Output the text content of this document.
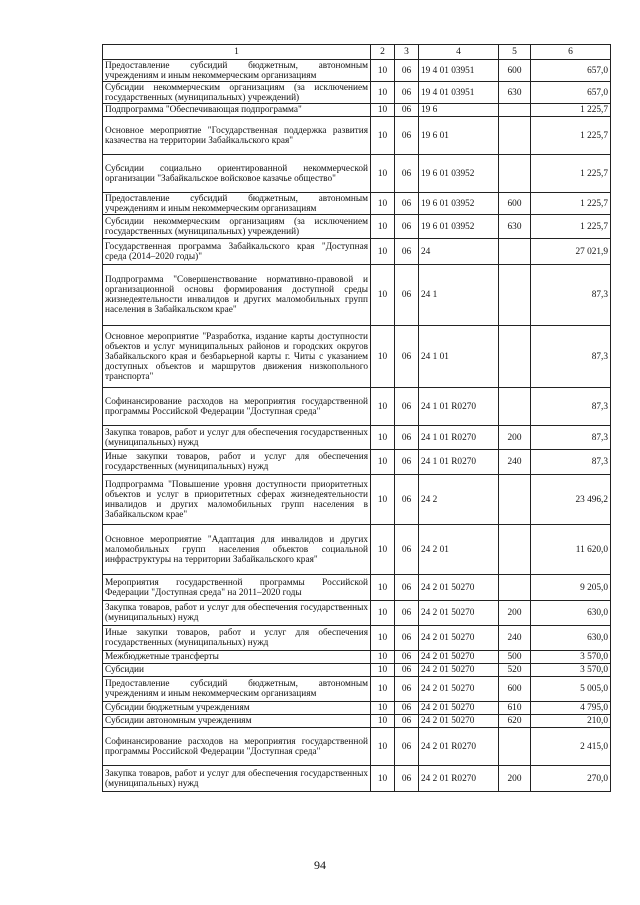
1	2	3	4	5	6
Предоставление субсидий бюджетным, автономным учреждениям и иным некоммерческим организациям	10	06	19 4 01 03951	600	657,0
Субсидии некоммерческим организациям (за исключением государственных (муниципальных) учреждений)	10	06	19 4 01 03951	630	657,0
Подпрограмма "Обеспечивающая подпрограмма"	10	06	19 6		1 225,7
Основное мероприятие "Государственная поддержка развития казачества на территории Забайкальского края"	10	06	19 6 01		1 225,7
Субсидии социально ориентированной некоммерческой организации "Забайкальское войсковое казачье общество"	10	06	19 6 01 03952		1 225,7
Предоставление субсидий бюджетным, автономным учреждениям и иным некоммерческим организациям	10	06	19 6 01 03952	600	1 225,7
Субсидии некоммерческим организациям (за исключением государственных (муниципальных) учреждений)	10	06	19 6 01 03952	630	1 225,7
Государственная программа Забайкальского края "Доступная среда (2014–2020 годы)"	10	06	24		27 021,9
Подпрограмма "Совершенствование нормативно-правовой и организационной основы формирования доступной среды жизнедеятельности инвалидов и других маломобильных групп населения в Забайкальском крае"	10	06	24 1		87,3
Основное мероприятие "Разработка, издание карты доступности объектов и услуг муниципальных районов и городских округов Забайкальского края и безбарьерной карты г. Читы с указанием доступных объектов и маршрутов движения низкопольного транспорта"	10	06	24 1 01		87,3
Софинансирование расходов на мероприятия государственной программы Российской Федерации "Доступная среда"	10	06	24 1 01 R0270		87,3
Закупка товаров, работ и услуг для обеспечения государственных (муниципальных) нужд	10	06	24 1 01 R0270	200	87,3
Иные закупки товаров, работ и услуг для обеспечения государственных (муниципальных) нужд	10	06	24 1 01 R0270	240	87,3
Подпрограмма "Повышение уровня доступности приоритетных объектов и услуг в приоритетных сферах жизнедеятельности инвалидов и других маломобильных групп населения в Забайкальском крае"	10	06	24 2		23 496,2
Основное мероприятие "Адаптация для инвалидов и других маломобильных групп населения объектов социальной инфраструктуры на территории Забайкальского края"	10	06	24 2 01		11 620,0
Мероприятия государственной программы Российской Федерации "Доступная среда" на 2011–2020 годы	10	06	24 2 01 50270		9 205,0
Закупка товаров, работ и услуг для обеспечения государственных (муниципальных) нужд	10	06	24 2 01 50270	200	630,0
Иные закупки товаров, работ и услуг для обеспечения государственных (муниципальных) нужд	10	06	24 2 01 50270	240	630,0
Межбюджетные трансферты	10	06	24 2 01 50270	500	3 570,0
Субсидии	10	06	24 2 01 50270	520	3 570,0
Предоставление субсидий бюджетным, автономным учреждениям и иным некоммерческим организациям	10	06	24 2 01 50270	600	5 005,0
Субсидии бюджетным учреждениям	10	06	24 2 01 50270	610	4 795,0
Субсидии автономным учреждениям	10	06	24 2 01 50270	620	210,0
Софинансирование расходов на мероприятия государственной программы Российской Федерации "Доступная среда"	10	06	24 2 01 R0270		2 415,0
Закупка товаров, работ и услуг для обеспечения государственных (муниципальных) нужд	10	06	24 2 01 R0270	200	270,0
94
